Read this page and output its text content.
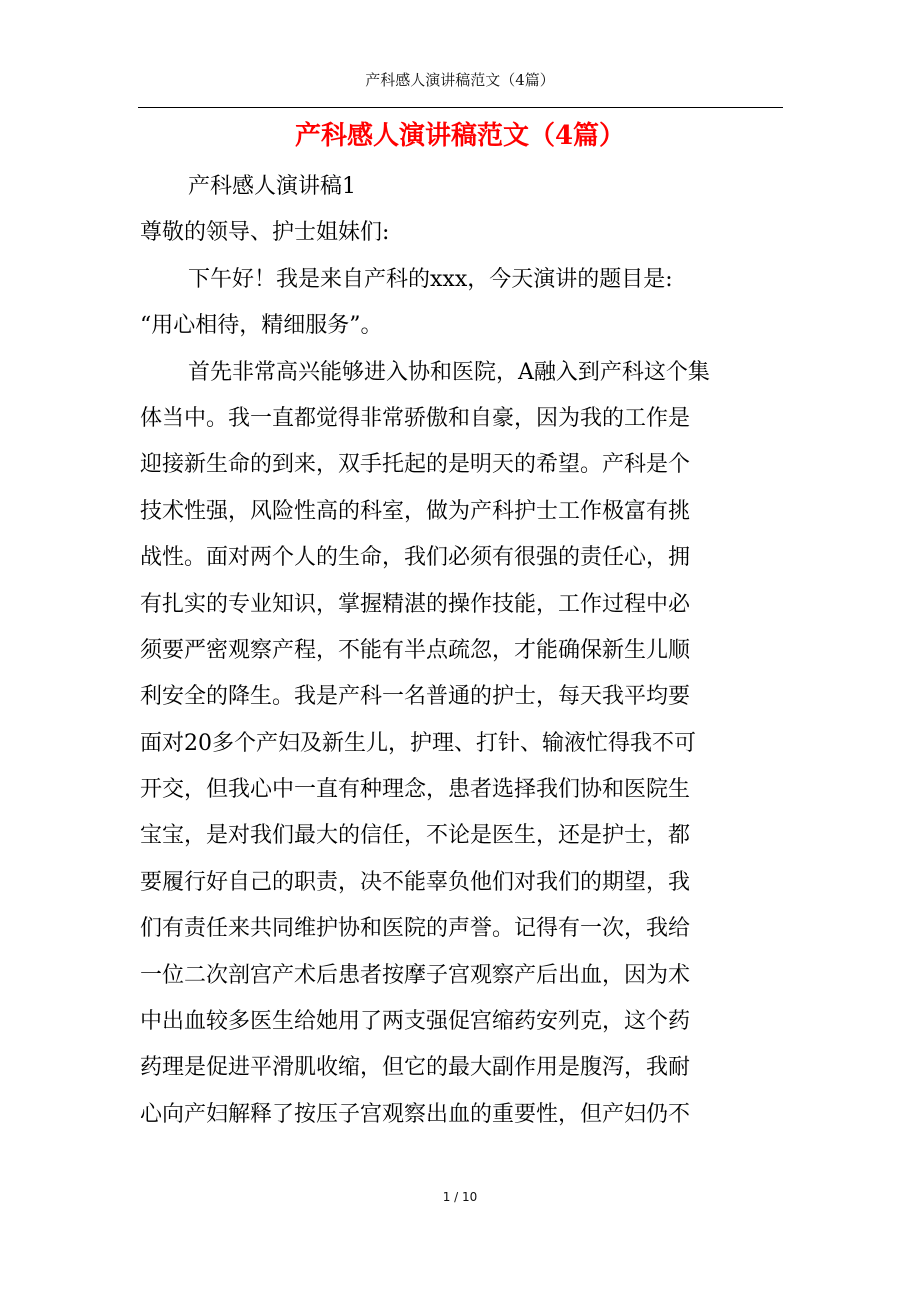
产科感人演讲稿范文（4篇）
产科感人演讲稿范文（4篇）
产科感人演讲稿1
尊敬的领导、护士姐妹们:
下午好！我是来自产科的xxx，今天演讲的题目是:
“用心相待，精细服务”。
首先非常高兴能够进入协和医院，A融入到产科这个集
体当中。我一直都觉得非常骄傲和自豪，因为我的工作是
迎接新生命的到来，双手托起的是明天的希望。产科是个
技术性强，风险性高的科室，做为产科护士工作极富有挑
战性。面对两个人的生命，我们必须有很强的责任心，拥
有扎实的专业知识，掌握精湛的操作技能，工作过程中必
须要严密观察产程，不能有半点疏忽，才能确保新生儿顺
利安全的降生。我是产科一名普通的护士，每天我平均要
面对20多个产妇及新生儿，护理、打针、输液忙得我不可
开交，但我心中一直有种理念，患者选择我们协和医院生
宝宝，是对我们最大的信任，不论是医生，还是护士，都
要履行好自己的职责，决不能辜负他们对我们的期望，我
们有责任来共同维护协和医院的声誉。记得有一次，我给
一位二次剖宫产术后患者按摩子宫观察产后出血，因为术
中出血较多医生给她用了两支强促宫缩药安列克，这个药
药理是促进平滑肌收缩，但它的最大副作用是腹泻，我耐
心向产妇解释了按压子宫观察出血的重要性，但产妇仍不
1 / 10
